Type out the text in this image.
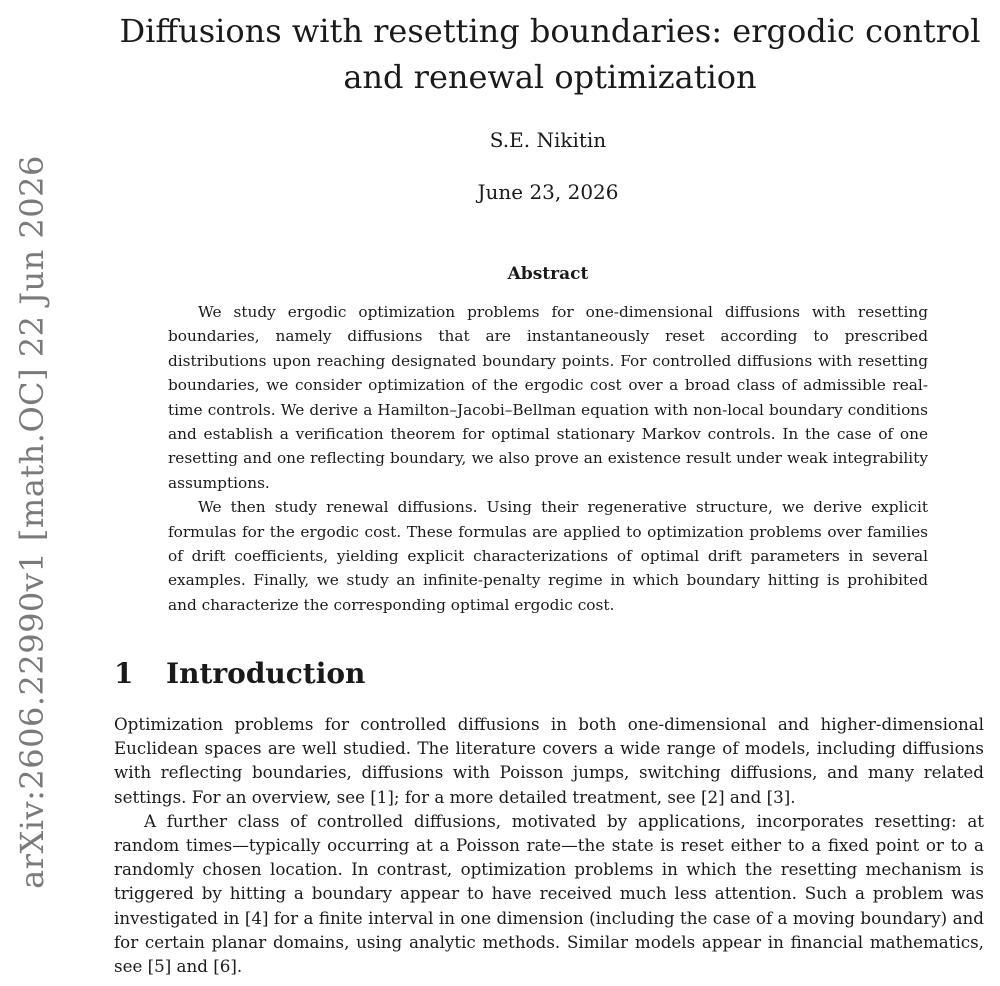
arXiv:2606.22990v1 [math.OC] 22 Jun 2026
Diffusions with resetting boundaries: ergodic control and renewal optimization
S.E. Nikitin
June 23, 2026
Abstract

We study ergodic optimization problems for one-dimensional diffusions with resetting boundaries, namely diffusions that are instantaneously reset according to prescribed distributions upon reaching designated boundary points. For controlled diffusions with resetting boundaries, we consider optimization of the ergodic cost over a broad class of admissible real-time controls. We derive a Hamilton–Jacobi–Bellman equation with non-local boundary conditions and establish a verification theorem for optimal stationary Markov controls. In the case of one resetting and one reflecting boundary, we also prove an existence result under weak integrability assumptions.

We then study renewal diffusions. Using their regenerative structure, we derive explicit formulas for the ergodic cost. These formulas are applied to optimization problems over families of drift coefficients, yielding explicit characterizations of optimal drift parameters in several examples. Finally, we study an infinite-penalty regime in which boundary hitting is prohibited and characterize the corresponding optimal ergodic cost.

1 Introduction

Optimization problems for controlled diffusions in both one-dimensional and higher-dimensional Euclidean spaces are well studied. The literature covers a wide range of models, including diffusions with reflecting boundaries, diffusions with Poisson jumps, switching diffusions, and many related settings. For an overview, see [1]; for a more detailed treatment, see [2] and [3].

A further class of controlled diffusions, motivated by applications, incorporates resetting: at random times—typically occurring at a Poisson rate—the state is reset either to a fixed point or to a randomly chosen location. In contrast, optimization problems in which the resetting mechanism is triggered by hitting a boundary appear to have received much less attention. Such a problem was investigated in [4] for a finite interval in one dimension (including the case of a moving boundary) and for certain planar domains, using analytic methods. Similar models appear in financial mathematics, see [5] and [6].
